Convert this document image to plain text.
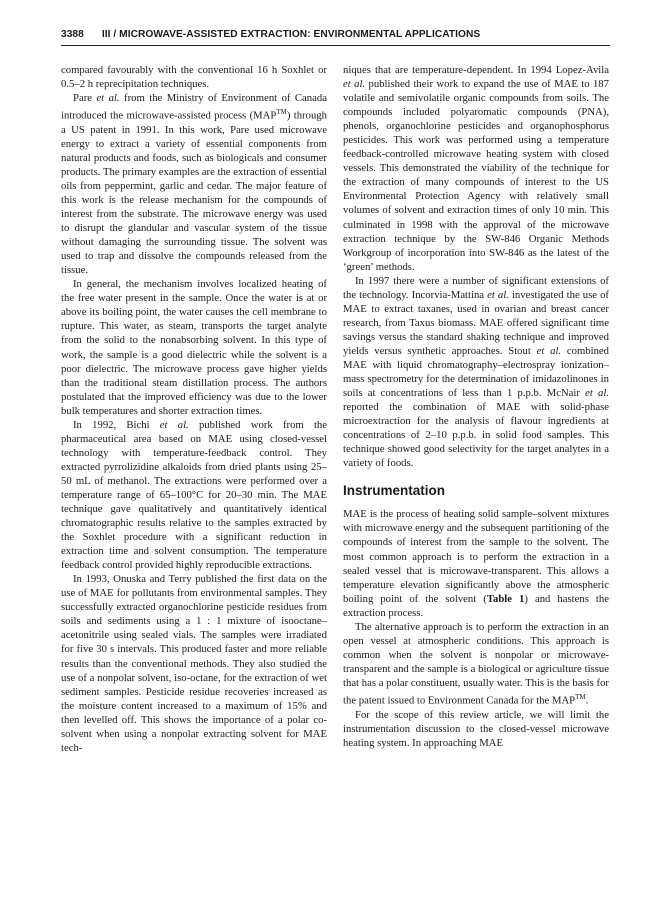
3388 III / MICROWAVE-ASSISTED EXTRACTION: ENVIRONMENTAL APPLICATIONS

compared favourably with the conventional 16 h Soxhlet or 0.5–2 h reprecipitation techniques.

Pare et al. from the Ministry of Environment of Canada introduced the microwave-assisted process (MAP™) through a US patent in 1991. In this work, Pare used microwave energy to extract a variety of essential components from natural products and foods, such as biologicals and consumer products. The primary examples are the extraction of essential oils from peppermint, garlic and cedar. The major feature of this work is the release mechanism for the compounds of interest from the substrate. The microwave energy was used to disrupt the glandular and vascular system of the tissue without damaging the surrounding tissue. The solvent was used to trap and dissolve the compounds released from the tissue.

In general, the mechanism involves localized heating of the free water present in the sample. Once the water is at or above its boiling point, the water causes the cell membrane to rupture. This water, as steam, transports the target analyte from the solid to the nonabsorbing solvent. In this type of work, the sample is a good dielectric while the solvent is a poor dielectric. The microwave process gave higher yields than the traditional steam distillation process. The authors postulated that the improved efficiency was due to the lower bulk temperatures and shorter extraction times.

In 1992, Bichi et al. published work from the pharmaceutical area based on MAE using closed-vessel technology with temperature-feedback control. They extracted pyrrolizidine alkaloids from dried plants using 25–50 mL of methanol. The extractions were performed over a temperature range of 65–100°C for 20–30 min. The MAE technique gave qualitatively and quantitatively identical chromatographic results relative to the samples extracted by the Soxhlet procedure with a significant reduction in extraction time and solvent consumption. The temperature feedback control provided highly reproducible extractions.

In 1993, Onuska and Terry published the first data on the use of MAE for pollutants from environmental samples. They successfully extracted organochlorine pesticide residues from soils and sediments using a 1 : 1 mixture of isooctane–acetonitrile using sealed vials. The samples were irradiated for five 30 s intervals. This produced faster and more reliable results than the conventional methods. They also studied the use of a nonpolar solvent, iso-octane, for the extraction of wet sediment samples. Pesticide residue recoveries increased as the moisture content increased to a maximum of 15% and then levelled off. This shows the importance of a polar co-solvent when using a nonpolar extracting solvent for MAE tech-

niques that are temperature-dependent. In 1994 Lopez-Avila et al. published their work to expand the use of MAE to 187 volatile and semivolatile organic compounds from soils. The compounds included polyaromatic compounds (PNA), phenols, organochlorine pesticides and organophosphorus pesticides. This work was performed using a temperature feedback-controlled microwave heating system with closed vessels. This demonstrated the viability of the technique for the extraction of many compounds of interest to the US Environmental Protection Agency with relatively small volumes of solvent and extraction times of only 10 min. This culminated in 1998 with the approval of the microwave extraction technique by the SW-846 Organic Methods Workgroup of incorporation into SW-846 as the latest of the ‘green’ methods.

In 1997 there were a number of significant extensions of the technology. Incorvia-Mattina et al. investigated the use of MAE to extract taxanes, used in ovarian and breast cancer research, from Taxus biomass. MAE offered significant time savings versus the standard shaking technique and improved yields versus synthetic approaches. Stout et al. combined MAE with liquid chromatography–electrospray ionization–mass spectrometry for the determination of imidazolinones in soils at concentrations of less than 1 p.p.b. McNair et al. reported the combination of MAE with solid-phase microextraction for the analysis of flavour ingredients at concentrations of 2–10 p.p.b. in solid food samples. This technique showed good selectivity for the target analytes in a variety of foods.

Instrumentation

MAE is the process of heating solid sample–solvent mixtures with microwave energy and the subsequent partitioning of the compounds of interest from the sample to the solvent. The most common approach is to perform the extraction in a sealed vessel that is microwave-transparent. This allows a temperature elevation significantly above the atmospheric boiling point of the solvent (Table 1) and hastens the extraction process.

The alternative approach is to perform the extraction in an open vessel at atmospheric conditions. This approach is common when the solvent is nonpolar or microwave-transparent and the sample is a biological or agriculture tissue that has a polar constituent, usually water. This is the basis for the patent issued to Environment Canada for the MAP™.

For the scope of this review article, we will limit the instrumentation discussion to the closed-vessel microwave heating system. In approaching MAE
